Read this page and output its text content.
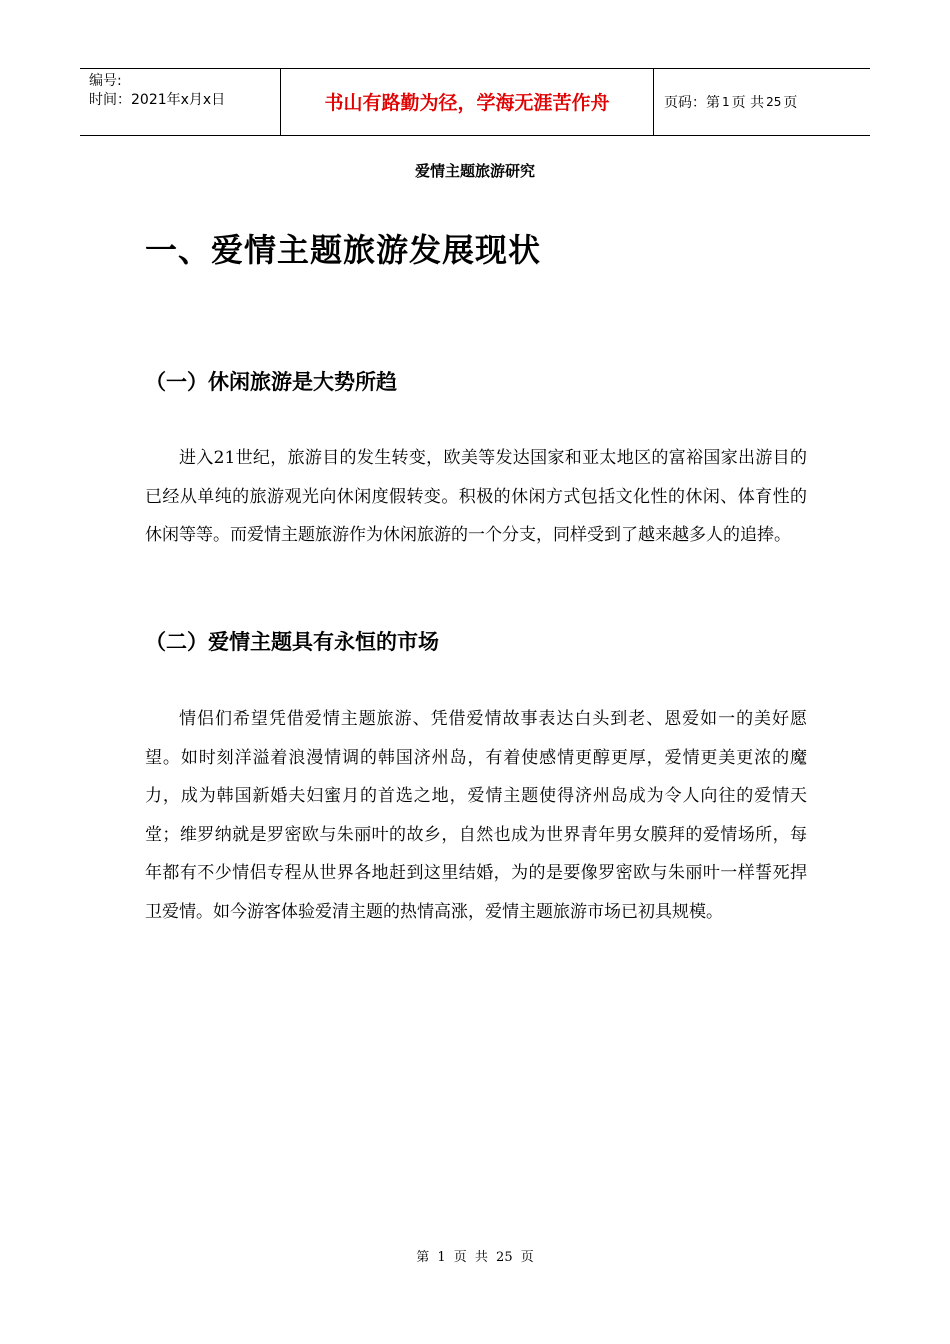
编号:
时间：2021年x月x日	书山有路勤为径，学海无涯苦作舟	页码：第 1 页 共 25 页
爱情主题旅游研究
一、爱情主题旅游发展现状
（一）休闲旅游是大势所趋

进入21世纪，旅游目的发生转变，欧美等发达国家和亚太地区的富裕国家出游目的已经从单纯的旅游观光向休闲度假转变。积极的休闲方式包括文化性的休闲、体育性的休闲等等。而爱情主题旅游作为休闲旅游的一个分支，同样受到了越来越多人的追捧。

（二）爱情主题具有永恒的市场

情侣们希望凭借爱情主题旅游、凭借爱情故事表达白头到老、恩爱如一的美好愿望。如时刻洋溢着浪漫情调的韩国济州岛，有着使感情更醇更厚，爱情更美更浓的魔力，成为韩国新婚夫妇蜜月的首选之地，爱情主题使得济州岛成为令人向往的爱情天堂；维罗纳就是罗密欧与朱丽叶的故乡，自然也成为世界青年男女膜拜的爱情场所，每年都有不少情侣专程从世界各地赶到这里结婚，为的是要像罗密欧与朱丽叶一样誓死捍卫爱情。如今游客体验爱清主题的热情高涨，爱情主题旅游市场已初具规模。

第 1 页 共 25 页
